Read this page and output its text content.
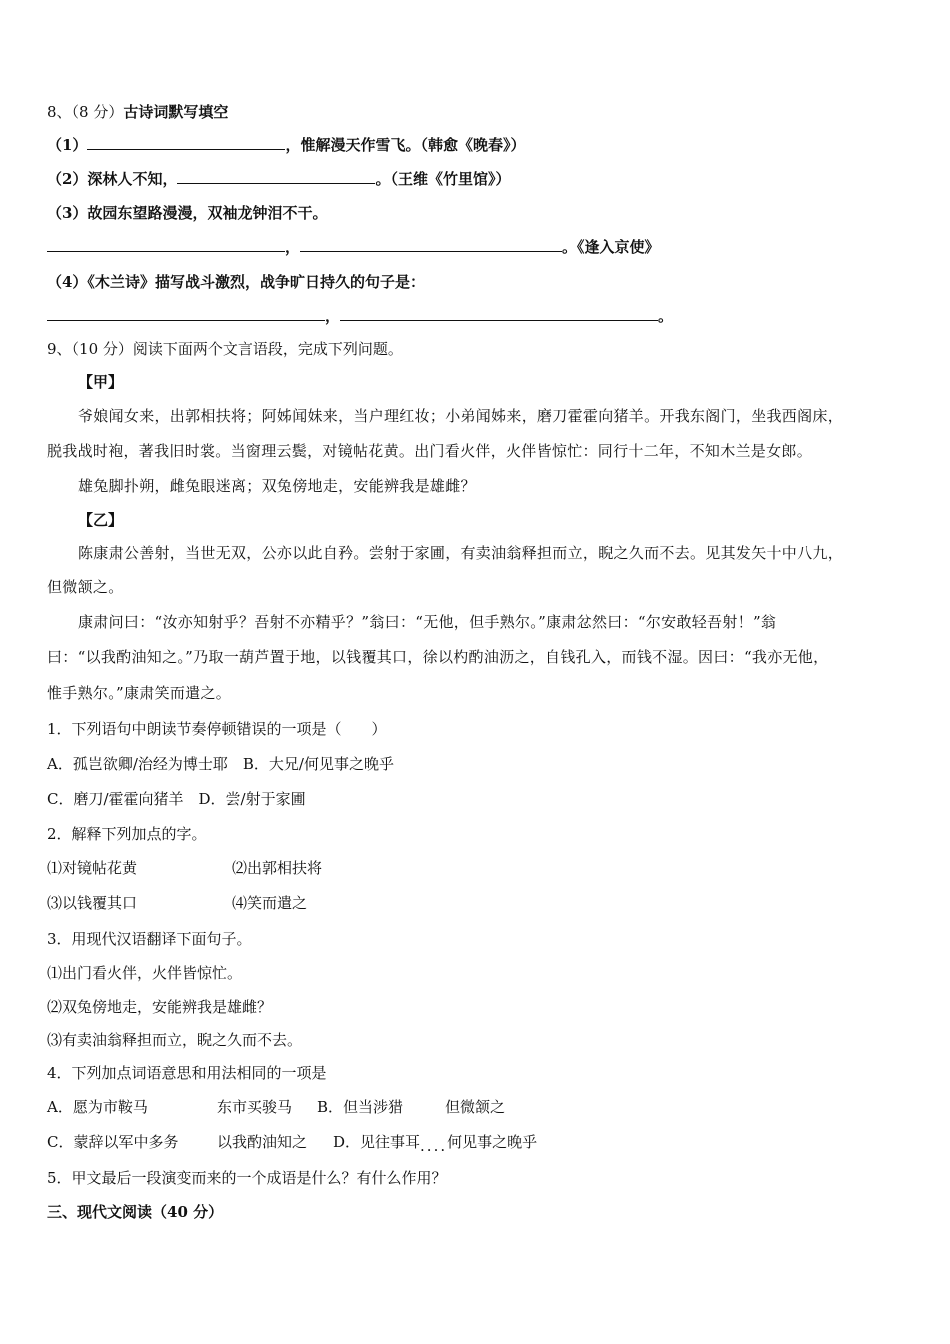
8、（8 分）古诗词默写填空
（1）	，惟解漫天作雪飞。（韩愈《晚春》）
（2）深林人不知，	。（王维《竹里馆》）
（3）故园东望路漫漫，双袖龙钟泪不干。
，	。《逢入京使》
（4）《木兰诗》描写战斗激烈，战争旷日持久的句子是：
，	。
9、（10 分）阅读下面两个文言语段，完成下列问题。
【甲】
爷娘闻女来，出郭相扶将；阿姊闻妹来，当户理红妆；小弟闻姊来，磨刀霍霍向猪羊。开我东阁门，坐我西阁床，
脱我战时袍，著我旧时裳。当窗理云鬓，对镜帖花黄。出门看火伴，火伴皆惊忙：同行十二年，不知木兰是女郎。
雄兔脚扑朔，雌兔眼迷离；双兔傍地走，安能辨我是雄雌？
【乙】
陈康肃公善射，当世无双，公亦以此自矜。尝射于家圃，有卖油翁释担而立，睨之久而不去。见其发矢十中八九，
但微颔之。
康肃问曰：“汝亦知射乎？吾射不亦精乎？”翁曰：“无他，但手熟尔。”康肃忿然曰：“尔安敢轻吾射！”翁
曰：“以我酌油知之。”乃取一葫芦置于地，以钱覆其口，徐以杓酌油沥之，自钱孔入，而钱不湿。因曰：“我亦无他，
惟手熟尔。”康肃笑而遣之。
1．下列语句中朗读节奏停顿错误的一项是（　　）
A．孤岂欲卿/治经为博士耶　B．大兄/何见事之晚乎
C．磨刀/霍霍向猪羊　D．尝/射于家圃
2．解释下列加点的字。
⑴对镜帖花黄	⑵出郭相扶将
⑶以钱覆其口	⑷笑而遣之
3．用现代汉语翻译下面句子。
⑴出门看火伴，火伴皆惊忙。
⑵双兔傍地走，安能辨我是雄雌？
⑶有卖油翁释担而立，睨之久而不去。
4．下列加点词语意思和用法相同的一项是
A．愿为市鞍马	东市买骏马 B．但当涉猎	但微颔之
C．蒙辞以军中多务	以我酌油知之 D．见往事耳....何见事之晚乎
5．甲文最后一段演变而来的一个成语是什么？有什么作用？
三、现代文阅读（40 分）
